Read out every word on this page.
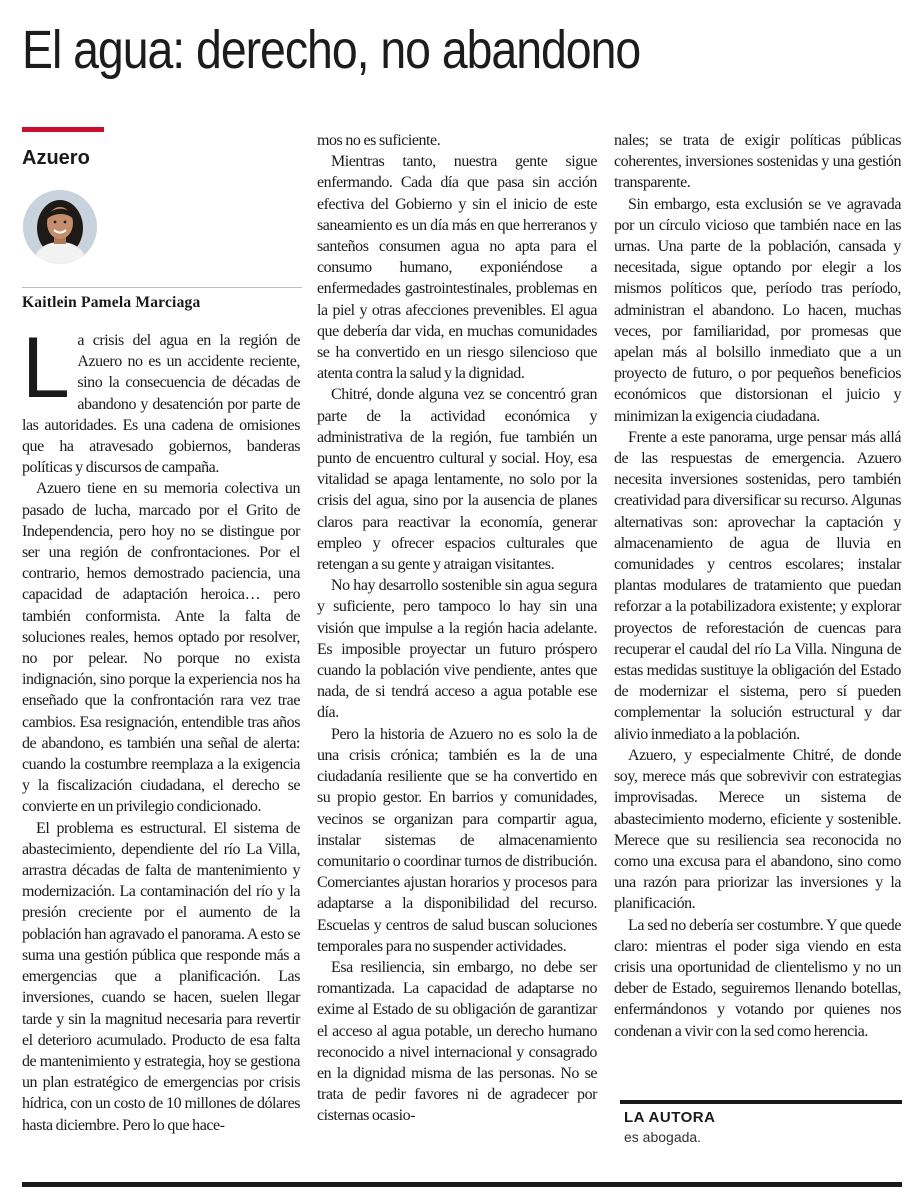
El agua: derecho, no abandono
Azuero
Kaitlein Pamela Marciaga

La crisis del agua en la región de Azuero no es un accidente reciente, sino la consecuencia de décadas de abandono y desatención por parte de las autoridades. Es una cadena de omisiones que ha atravesado gobiernos, banderas políticas y discursos de campaña.

Azuero tiene en su memoria colectiva un pasado de lucha, marcado por el Grito de Independencia, pero hoy no se distingue por ser una región de confrontaciones. Por el contrario, hemos demostrado paciencia, una capacidad de adaptación heroica… pero también conformista. Ante la falta de soluciones reales, hemos optado por resolver, no por pelear. No porque no exista indignación, sino porque la experiencia nos ha enseñado que la confrontación rara vez trae cambios. Esa resignación, entendible tras años de abandono, es también una señal de alerta: cuando la costumbre reemplaza a la exigencia y la fiscalización ciudadana, el derecho se convierte en un privilegio condicionado.

El problema es estructural. El sistema de abastecimiento, dependiente del río La Villa, arrastra décadas de falta de mantenimiento y modernización. La contaminación del río y la presión creciente por el aumento de la población han agravado el panorama. A esto se suma una gestión pública que responde más a emergencias que a planificación. Las inversiones, cuando se hacen, suelen llegar tarde y sin la magnitud necesaria para revertir el deterioro acumulado. Producto de esa falta de mantenimiento y estrategia, hoy se gestiona un plan estratégico de emergencias por crisis hídrica, con un costo de 10 millones de dólares hasta diciembre. Pero lo que hace-

mos no es suficiente.

Mientras tanto, nuestra gente sigue enfermando. Cada día que pasa sin acción efectiva del Gobierno y sin el inicio de este saneamiento es un día más en que herreranos y santeños consumen agua no apta para el consumo humano, exponiéndose a enfermedades gastrointestinales, problemas en la piel y otras afecciones prevenibles. El agua que debería dar vida, en muchas comunidades se ha convertido en un riesgo silencioso que atenta contra la salud y la dignidad.

Chitré, donde alguna vez se concentró gran parte de la actividad económica y administrativa de la región, fue también un punto de encuentro cultural y social. Hoy, esa vitalidad se apaga lentamente, no solo por la crisis del agua, sino por la ausencia de planes claros para reactivar la economía, generar empleo y ofrecer espacios culturales que retengan a su gente y atraigan visitantes.

No hay desarrollo sostenible sin agua segura y suficiente, pero tampoco lo hay sin una visión que impulse a la región hacia adelante. Es imposible proyectar un futuro próspero cuando la población vive pendiente, antes que nada, de si tendrá acceso a agua potable ese día.

Pero la historia de Azuero no es solo la de una crisis crónica; también es la de una ciudadanía resiliente que se ha convertido en su propio gestor. En barrios y comunidades, vecinos se organizan para compartir agua, instalar sistemas de almacenamiento comunitario o coordinar turnos de distribución. Comerciantes ajustan horarios y procesos para adaptarse a la disponibilidad del recurso. Escuelas y centros de salud buscan soluciones temporales para no suspender actividades.

Esa resiliencia, sin embargo, no debe ser romantizada. La capacidad de adaptarse no exime al Estado de su obligación de garantizar el acceso al agua potable, un derecho humano reconocido a nivel internacional y consagrado en la dignidad misma de las personas. No se trata de pedir favores ni de agradecer por cisternas ocasio-

nales; se trata de exigir políticas públicas coherentes, inversiones sostenidas y una gestión transparente.

Sin embargo, esta exclusión se ve agravada por un círculo vicioso que también nace en las urnas. Una parte de la población, cansada y necesitada, sigue optando por elegir a los mismos políticos que, período tras período, administran el abandono. Lo hacen, muchas veces, por familiaridad, por promesas que apelan más al bolsillo inmediato que a un proyecto de futuro, o por pequeños beneficios económicos que distorsionan el juicio y minimizan la exigencia ciudadana.

Frente a este panorama, urge pensar más allá de las respuestas de emergencia. Azuero necesita inversiones sostenidas, pero también creatividad para diversificar su recurso. Algunas alternativas son: aprovechar la captación y almacenamiento de agua de lluvia en comunidades y centros escolares; instalar plantas modulares de tratamiento que puedan reforzar a la potabilizadora existente; y explorar proyectos de reforestación de cuencas para recuperar el caudal del río La Villa. Ninguna de estas medidas sustituye la obligación del Estado de modernizar el sistema, pero sí pueden complementar la solución estructural y dar alivio inmediato a la población.

Azuero, y especialmente Chitré, de donde soy, merece más que sobrevivir con estrategias improvisadas. Merece un sistema de abastecimiento moderno, eficiente y sostenible. Merece que su resiliencia sea reconocida no como una excusa para el abandono, sino como una razón para priorizar las inversiones y la planificación.

La sed no debería ser costumbre. Y que quede claro: mientras el poder siga viendo en esta crisis una oportunidad de clientelismo y no un deber de Estado, seguiremos llenando botellas, enfermándonos y votando por quienes nos condenan a vivir con la sed como herencia.

LA AUTORA
es abogada.
